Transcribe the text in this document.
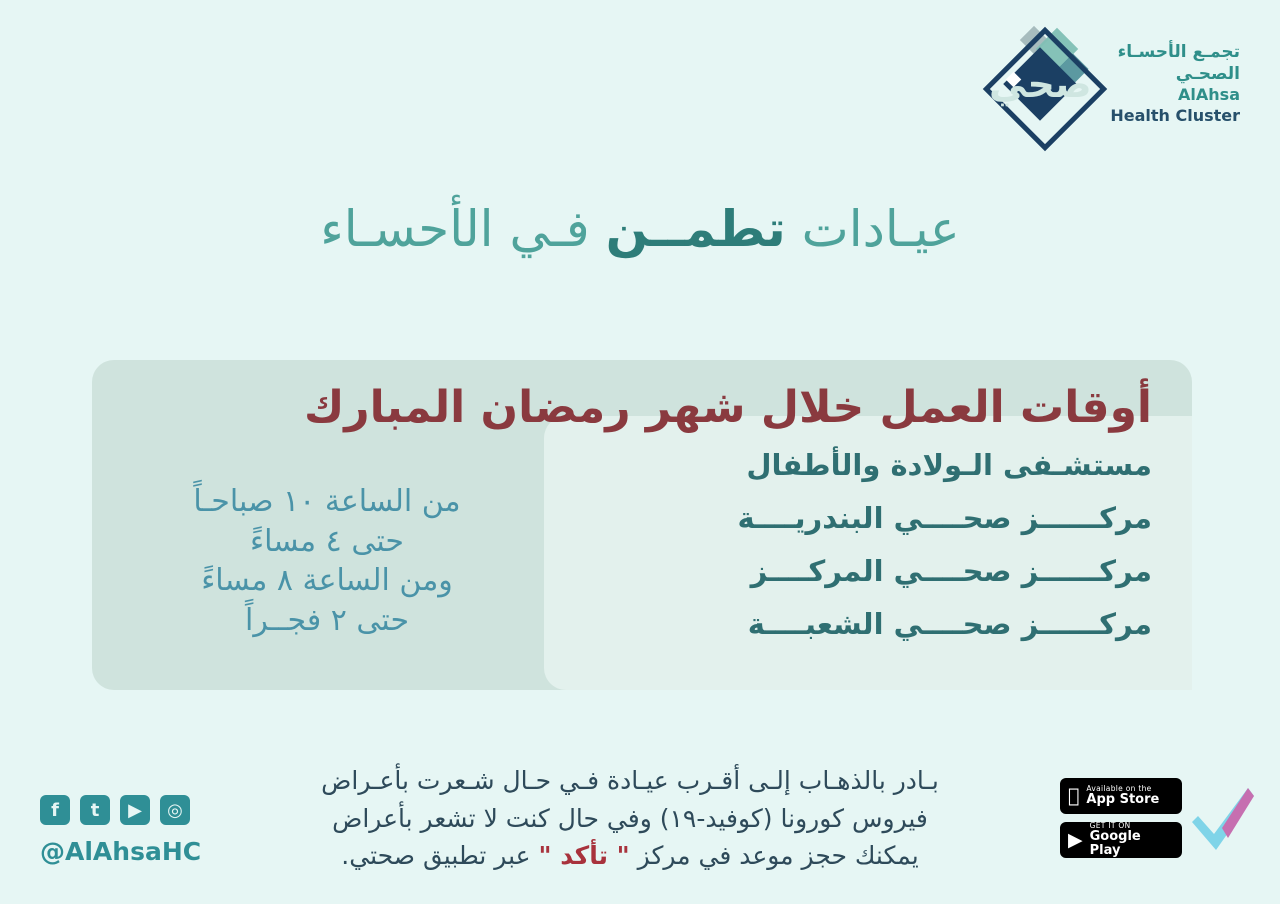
تجمـع الأحسـاء
الصحـي
AlAhsa
Health Cluster
صحي
عيـادات تطمــن فـي الأحسـاء
أوقات العمل خلال شهر رمضان المبارك
مستشـفى الـولادة والأطفال
مركــــــز صحــــي البندريــــة
مركــــــز صحــــي المركــــز
مركــــــز صحــــي الشعبــــة
من الساعة ١٠ صباحـاً
حتى ٤ مساءً
ومن الساعة ٨ مساءً
حتى ٢ فجــراً
بـادر بالذهـاب إلـى أقـرب عيـادة فـي حـال شـعرت بأعـراض
فيروس كورونا (كوفيد-١٩) وفي حال كنت لا تشعر بأعراض
يمكنك حجز موعد في مركز " تأكد " عبر تطبيق صحتي.
f	t	▶	◎
@AlAhsaHC
Available on the
App Store
▶
GET IT ON
Google Play
